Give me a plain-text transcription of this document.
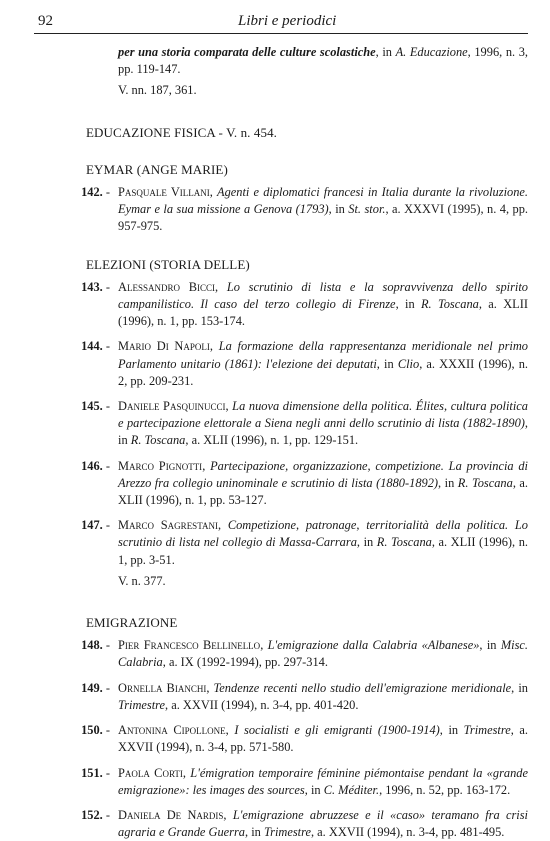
92	Libri e periodici

per una storia comparata delle culture scolastiche, in A. Educazione, 1996, n. 3, pp. 119-147.

V. nn. 187, 361.

EDUCAZIONE FISICA - V. n. 454.

EYMAR (ANGE MARIE)

142. - Pasquale Villani, Agenti e diplomatici francesi in Italia durante la rivoluzione. Eymar e la sua missione a Genova (1793), in St. stor., a. XXXVI (1995), n. 4, pp. 957-975.

ELEZIONI (STORIA DELLE)

143. - Alessandro Bicci, Lo scrutinio di lista e la sopravvivenza dello spirito campanilistico. Il caso del terzo collegio di Firenze, in R. Toscana, a. XLII (1996), n. 1, pp. 153-174.
144. - Mario Di Napoli, La formazione della rappresentanza meridionale nel primo Parlamento unitario (1861): l'elezione dei deputati, in Clio, a. XXXII (1996), n. 2, pp. 209-231.
145. - Daniele Pasquinucci, La nuova dimensione della politica. Élites, cultura politica e partecipazione elettorale a Siena negli anni dello scrutinio di lista (1882-1890), in R. Toscana, a. XLII (1996), n. 1, pp. 129-151.
146. - Marco Pignotti, Partecipazione, organizzazione, competizione. La provincia di Arezzo fra collegio uninominale e scrutinio di lista (1880-1892), in R. Toscana, a. XLII (1996), n. 1, pp. 53-127.
147. - Marco Sagrestani, Competizione, patronage, territorialità della politica. Lo scrutinio di lista nel collegio di Massa-Carrara, in R. Toscana, a. XLII (1996), n. 1, pp. 3-51.

V. n. 377.

EMIGRAZIONE

148. - Pier Francesco Bellinello, L'emigrazione dalla Calabria «Albanese», in Misc. Calabria, a. IX (1992-1994), pp. 297-314.
149. - Ornella Bianchi, Tendenze recenti nello studio dell'emigrazione meridionale, in Trimestre, a. XXVII (1994), n. 3-4, pp. 401-420.
150. - Antonina Cipollone, I socialisti e gli emigranti (1900-1914), in Trimestre, a. XXVII (1994), n. 3-4, pp. 571-580.
151. - Paola Corti, L'émigration temporaire féminine piémontaise pendant la «grande emigrazione»: les images des sources, in C. Méditer., 1996, n. 52, pp. 163-172.
152. - Daniela De Nardis, L'emigrazione abruzzese e il «caso» teramano fra crisi agraria e Grande Guerra, in Trimestre, a. XXVII (1994), n. 3-4, pp. 481-495.
